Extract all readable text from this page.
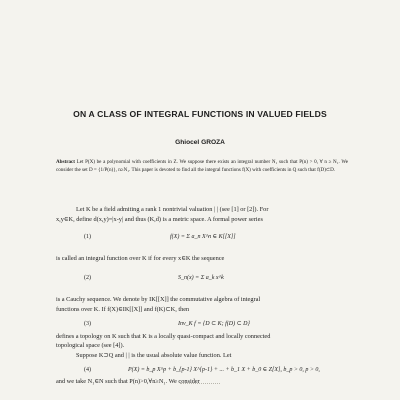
ON A CLASS OF INTEGRAL FUNCTIONS IN VALUED FIELDS
Ghiocel GROZA
Abstract Let P(X) be a polynomial with coefficients in Z. We suppose there exists an integral number N₁ such that P(n) > 0, ∀ n ≥ N₁. We consider the set D = {1/P(n)}, n≥N₁. This paper is devoted to find all the integral functions f(X) with coefficients in Q such that f(D)⊂D.
Let K be a field admiting a rank 1 nontrivial valuation | | (see [1] or [2]). For
x,y∈K, define d(x,y)=|x-y| and thus (K,d) is a metric space. A formal power series
(1)	f(X) = Σ a_n X^n ∈ K[[X]]
is called an integral function over K if for every x∈K the sequence
(2)	S_n(x) = Σ a_k x^k
is a Cauchy sequence. We denote by IK[[X]] the commutative algebra of integral
functions over K. If f(X)∈IK[[X]] and f(K)⊂K, then
(3)	Inv_K f = {D ⊂ K; f(D) ⊂ D}
defines a topology on K such that K is a locally quasi-compact and locally connected
topological space (see [4]).
Suppose K⊃Q and | | is the usual absolute value function. Let
(4)	P(X) = b_p X^p + b_{p-1} X^{p-1} + ... + b_1 X + b_0 ∈ Z[X], b_p > 0, p > 0,
and we take N₁∈N such that P(n)>0,∀n≥N₁. We consider
